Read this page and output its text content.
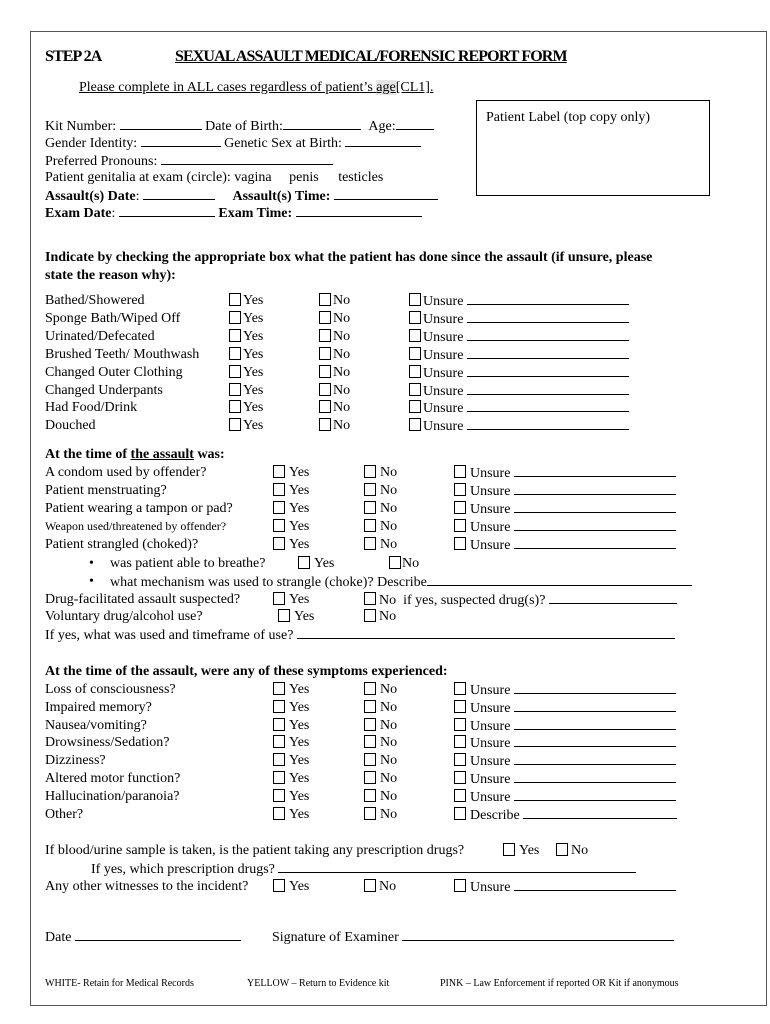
STEP 2A	SEXUAL ASSAULT MEDICAL/FORENSIC REPORT FORM
Please complete in ALL cases regardless of patient’s age[CL1].
Patient Label (top copy only)
Kit Number:	Date of Birth:	Age:
Gender Identity:	Genetic Sex at Birth:
Preferred Pronouns:
Patient genitalia at exam (circle): vagina penis testicles
Assault(s) Date:	Assault(s) Time:
Exam Date:	Exam Time:
Indicate by checking the appropriate box what the patient has done since the assault (if unsure, please
state the reason why):
Bathed/Showered	Yes	No	Unsure
Sponge Bath/Wiped Off	Yes	No	Unsure
Urinated/Defecated	Yes	No	Unsure
Brushed Teeth/ Mouthwash	Yes	No	Unsure
Changed Outer Clothing	Yes	No	Unsure
Changed Underpants	Yes	No	Unsure
Had Food/Drink	Yes	No	Unsure
Douched	Yes	No	Unsure
At the time of the assault was:
A condom used by offender?	Yes	No	Unsure
Patient menstruating?	Yes	No	Unsure
Patient wearing a tampon or pad?	Yes	No	Unsure
Weapon used/threatened by offender?	Yes	No	Unsure
Patient strangled (choked)?	Yes	No	Unsure
• was patient able to breathe?	Yes	No
• what mechanism was used to strangle (choke)? Describe
Drug-facilitated assault suspected?	Yes	No if yes, suspected drug(s)?
Voluntary drug/alcohol use?	Yes	No
If yes, what was used and timeframe of use?
At the time of the assault, were any of these symptoms experienced:
Loss of consciousness?	Yes	No	Unsure
Impaired memory?	Yes	No	Unsure
Nausea/vomiting?	Yes	No	Unsure
Drowsiness/Sedation?	Yes	No	Unsure
Dizziness?	Yes	No	Unsure
Altered motor function?	Yes	No	Unsure
Hallucination/paranoia?	Yes	No	Unsure
Other?	Yes	No	Describe
If blood/urine sample is taken, is the patient taking any prescription drugs?	Yes No
If yes, which prescription drugs?
Any other witnesses to the incident?	Yes	No	Unsure
Date	Signature of Examiner
WHITE- Retain for Medical Records	YELLOW – Return to Evidence kit	PINK – Law Enforcement if reported OR Kit if anonymous
